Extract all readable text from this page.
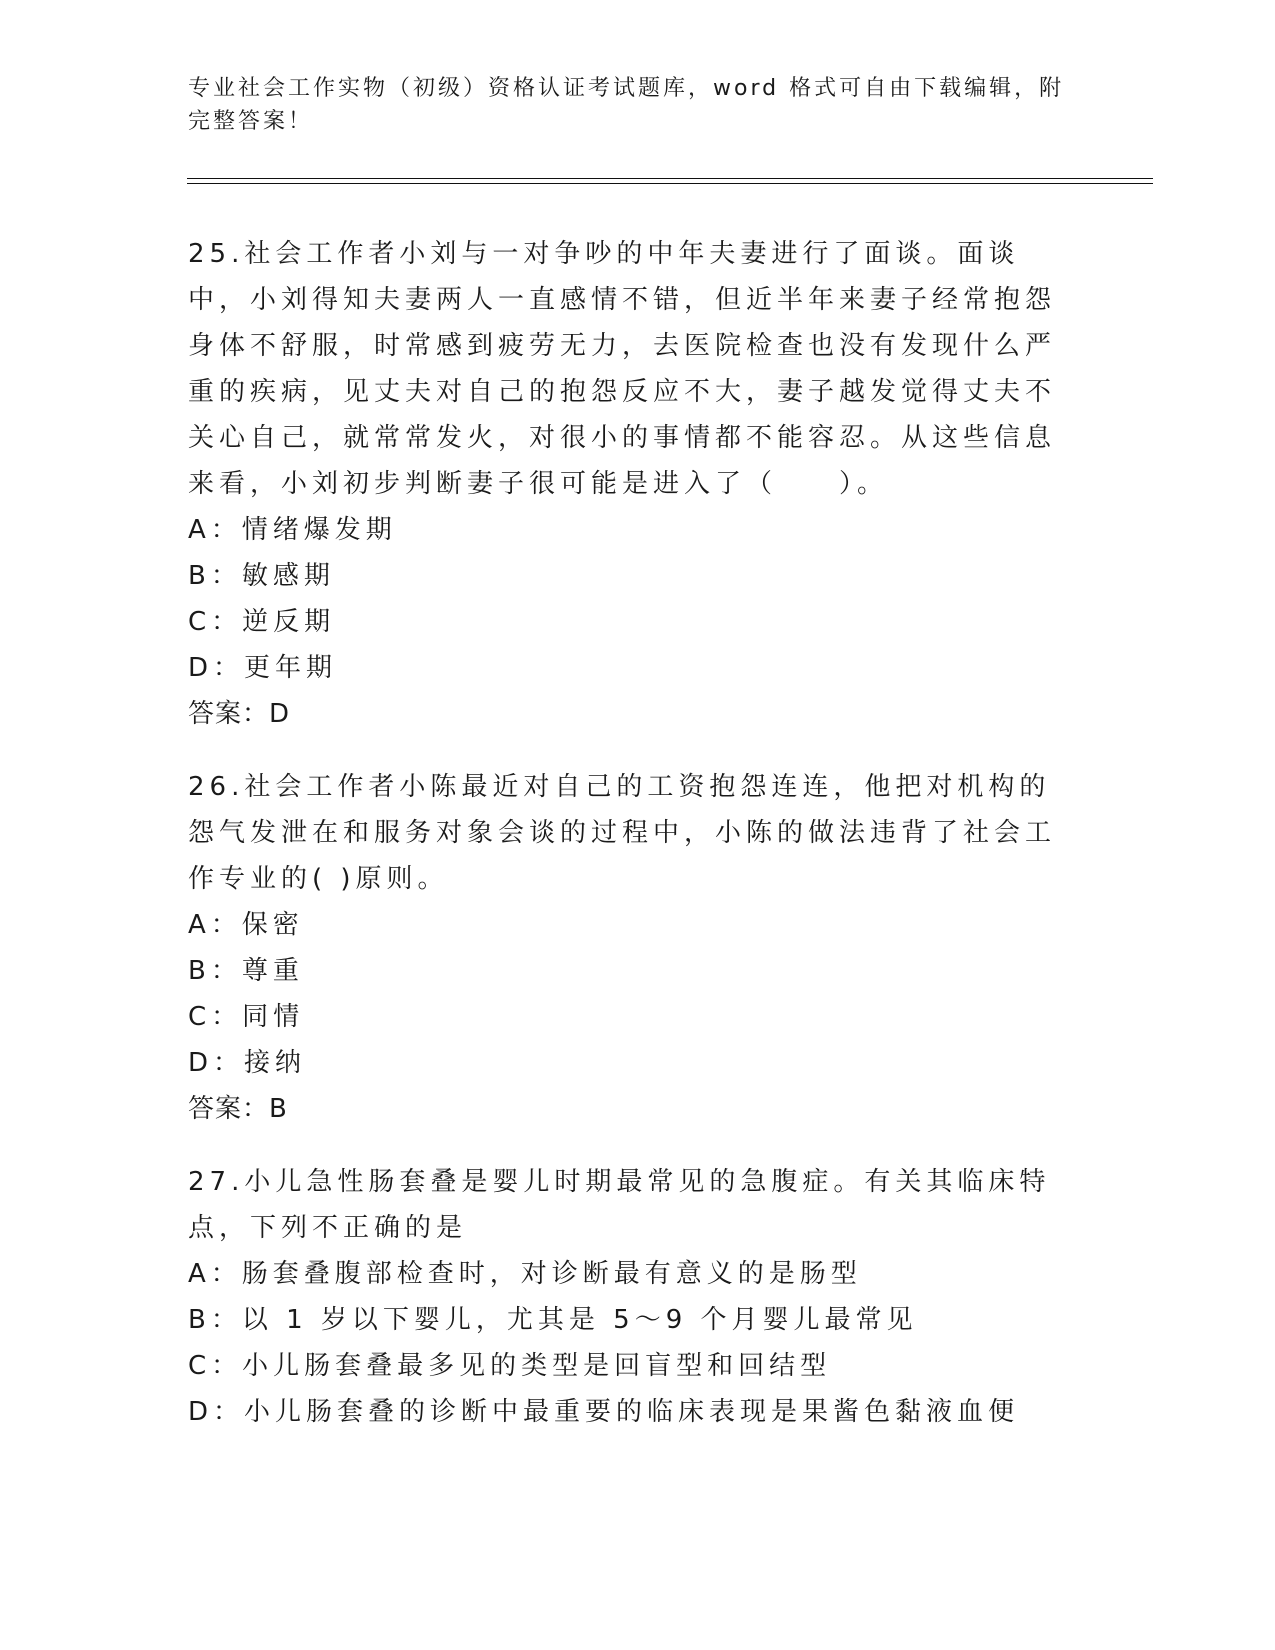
专业社会工作实物（初级）资格认证考试题库，word 格式可自由下载编辑，附完整答案！
25.社会工作者小刘与一对争吵的中年夫妻进行了面谈。面谈中，小刘得知夫妻两人一直感情不错，但近半年来妻子经常抱怨身体不舒服，时常感到疲劳无力，去医院检查也没有发现什么严重的疾病，见丈夫对自己的抱怨反应不大，妻子越发觉得丈夫不关心自己，就常常发火，对很小的事情都不能容忍。从这些信息来看，小刘初步判断妻子很可能是进入了（　　）。
A：情绪爆发期
B：敏感期
C：逆反期
D：更年期
答案：D
26.社会工作者小陈最近对自己的工资抱怨连连，他把对机构的怨气发泄在和服务对象会谈的过程中，小陈的做法违背了社会工作专业的( )原则。
A：保密
B：尊重
C：同情
D：接纳
答案：B
27.小儿急性肠套叠是婴儿时期最常见的急腹症。有关其临床特点，下列不正确的是
A：肠套叠腹部检查时，对诊断最有意义的是肠型
B：以 1 岁以下婴儿，尤其是 5～9 个月婴儿最常见
C：小儿肠套叠最多见的类型是回盲型和回结型
D：小儿肠套叠的诊断中最重要的临床表现是果酱色黏液血便
